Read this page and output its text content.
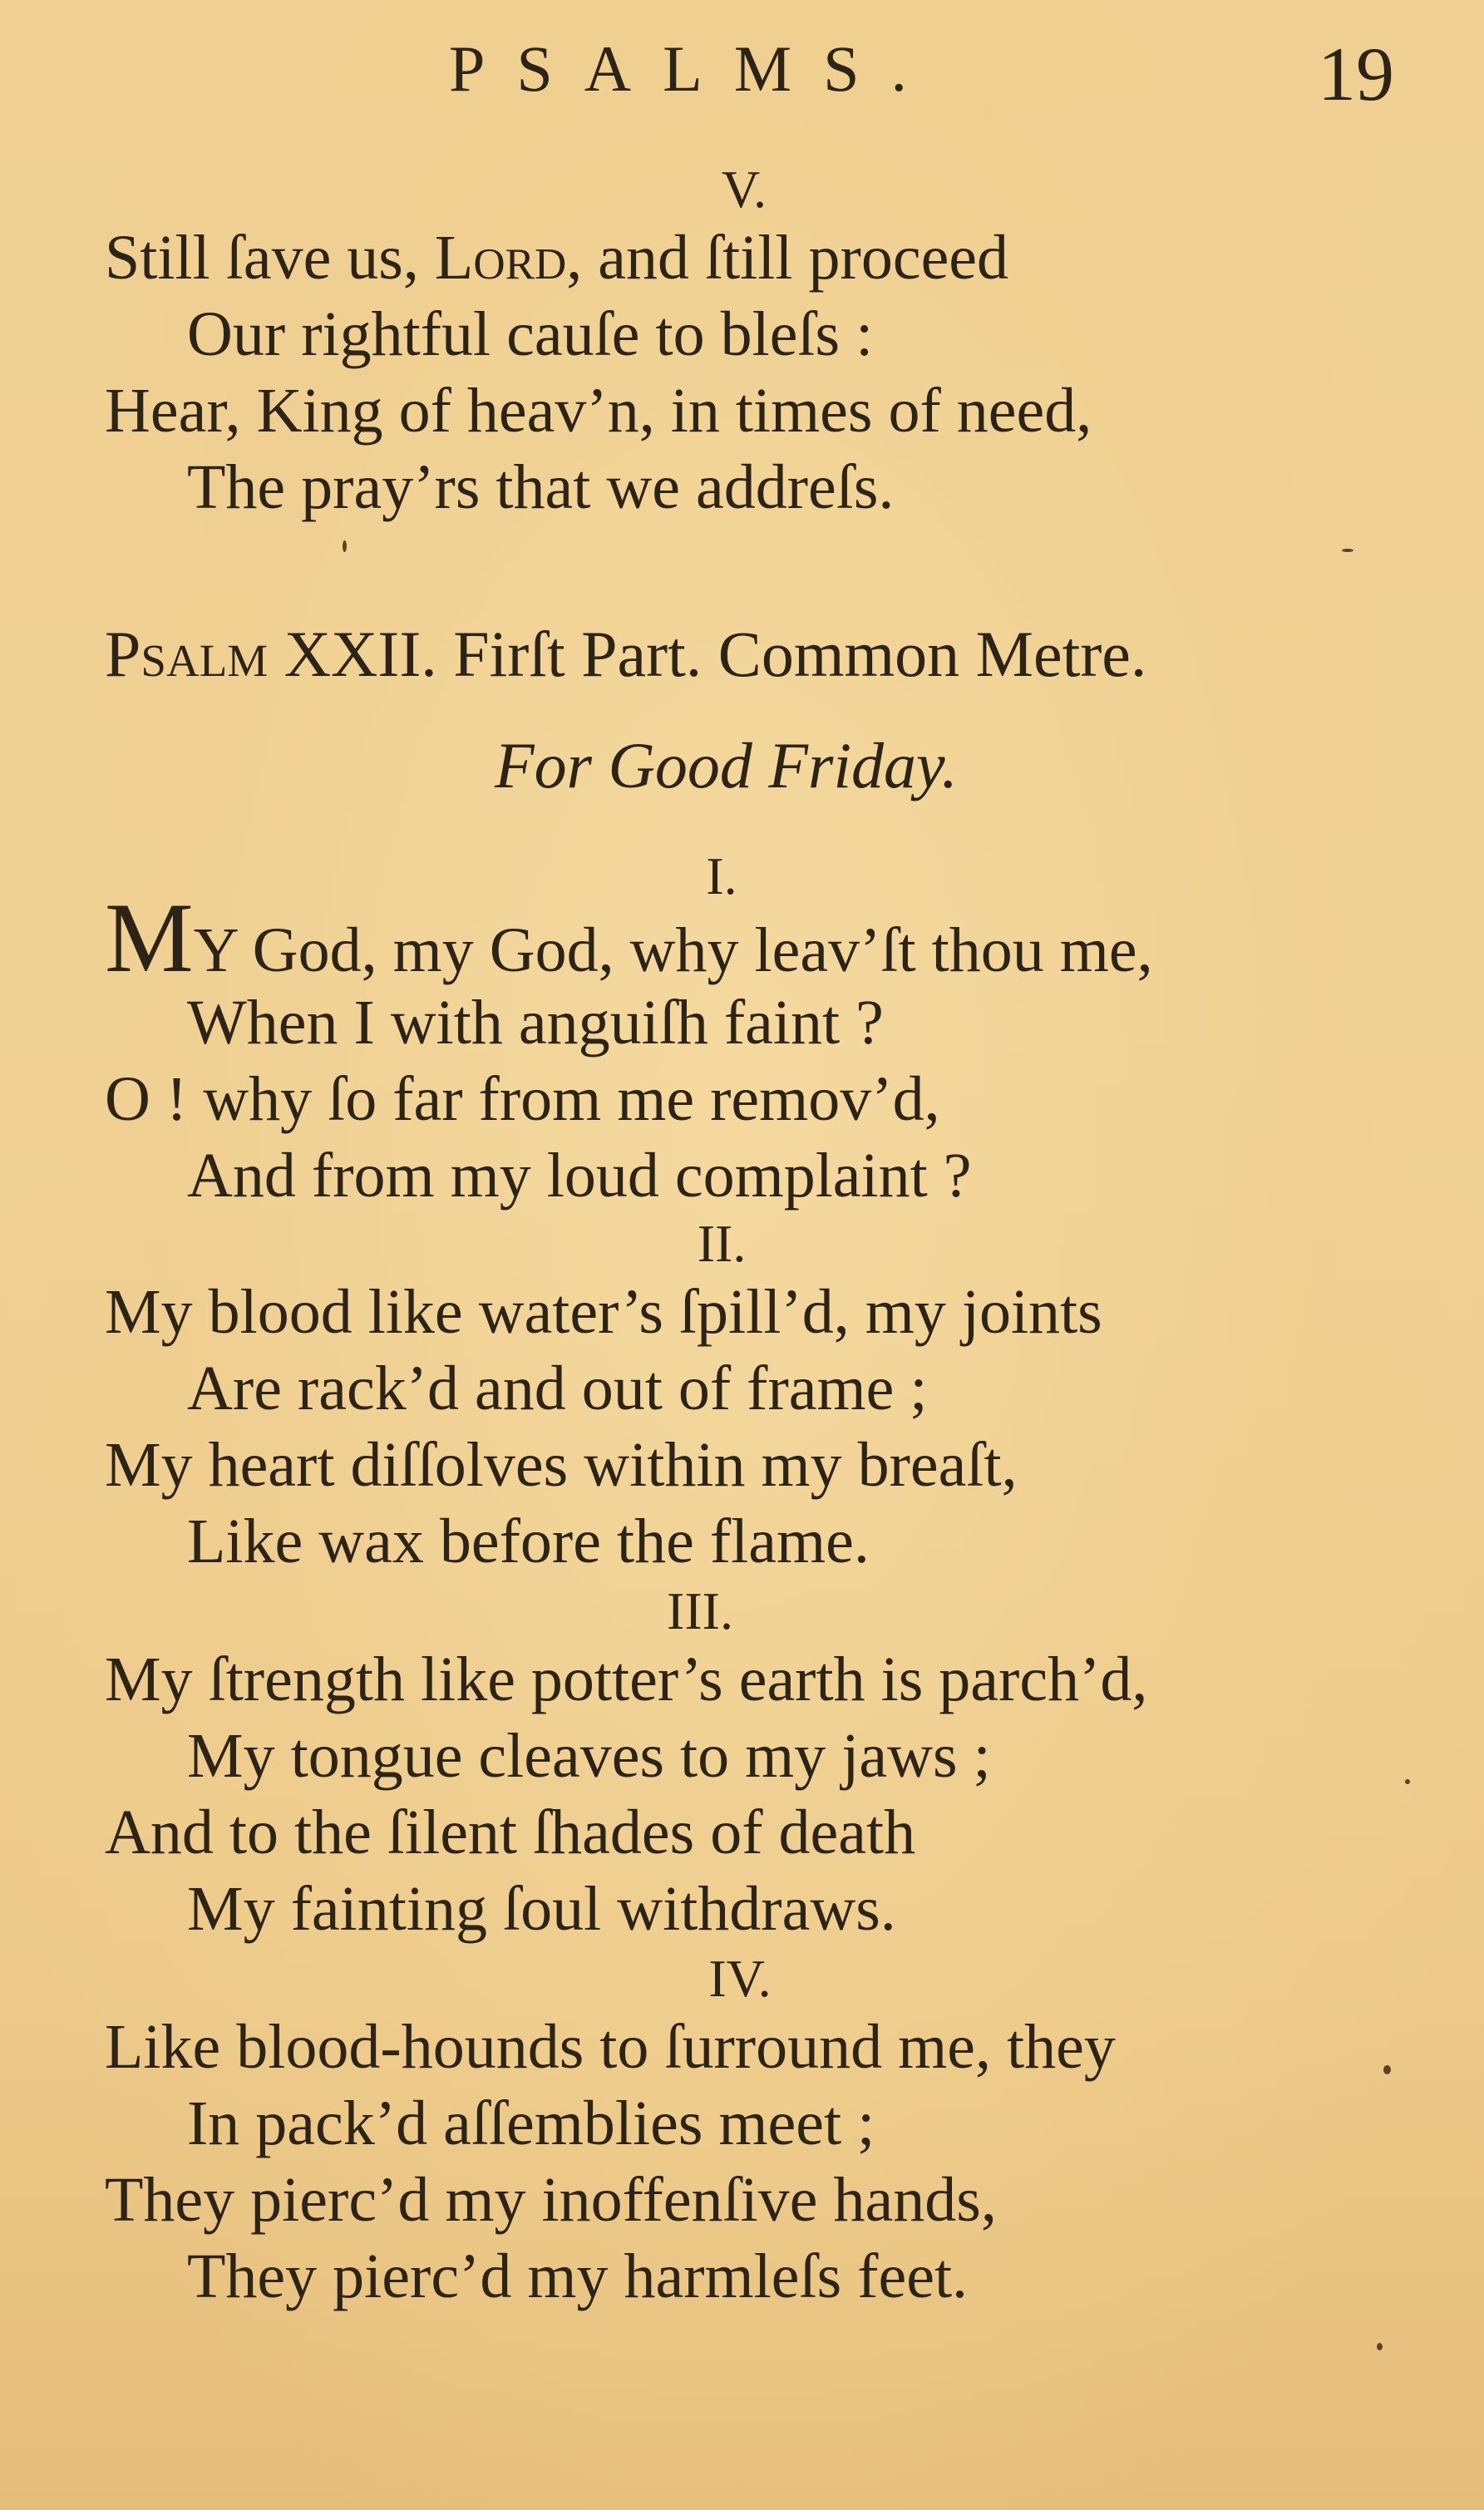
PSALMS.	19
V.
Still ſave us, Lord, and ſtill proceed
Our rightful cauſe to bleſs :
Hear, King of heav’n, in times of need,
The pray’rs that we addreſs.
Psalm XXII. Firſt Part. Common Metre.
For Good Friday.
I.
MY God, my God, why leav’ſt thou me,
When I with anguiſh faint ?
O ! why ſo far from me remov’d,
And from my loud complaint ?
II.
My blood like water’s ſpill’d, my joints
Are rack’d and out of frame ;
My heart diſſolves within my breaſt,
Like wax before the flame.
III.
My ſtrength like potter’s earth is parch’d,
My tongue cleaves to my jaws ;
And to the ſilent ſhades of death
My fainting ſoul withdraws.
IV.
Like blood-hounds to ſurround me, they
In pack’d aſſemblies meet ;
They pierc’d my inoffenſive hands,
They pierc’d my harmleſs feet.
